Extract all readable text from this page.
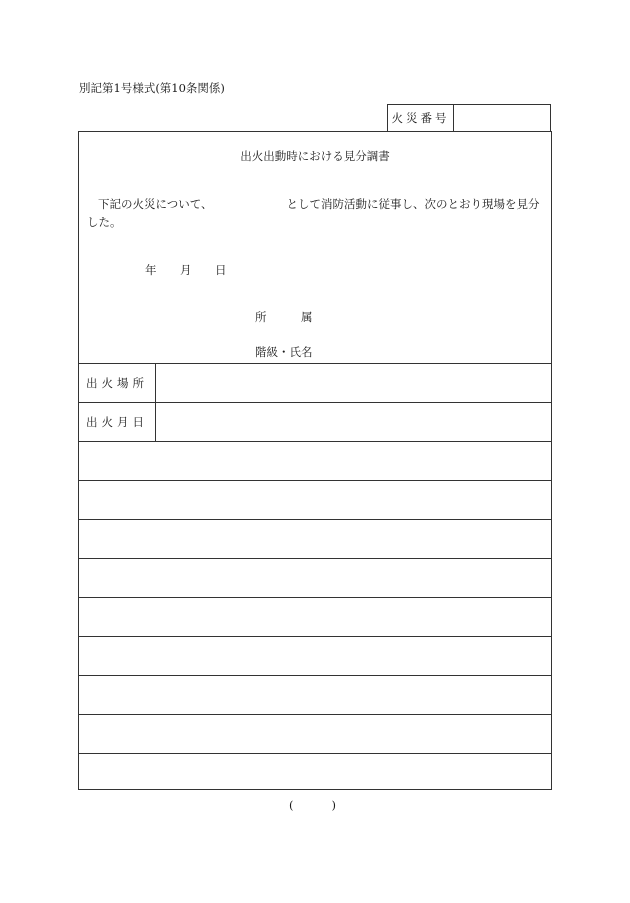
別記第1号様式(第10条関係)
火災番号
出火出動時における見分調書
下記の火災について、	として消防活動に従事し、次のとおり現場を見分した。
年 月 日
所	属
階級・氏名
出火場所
出火月日
(	)
